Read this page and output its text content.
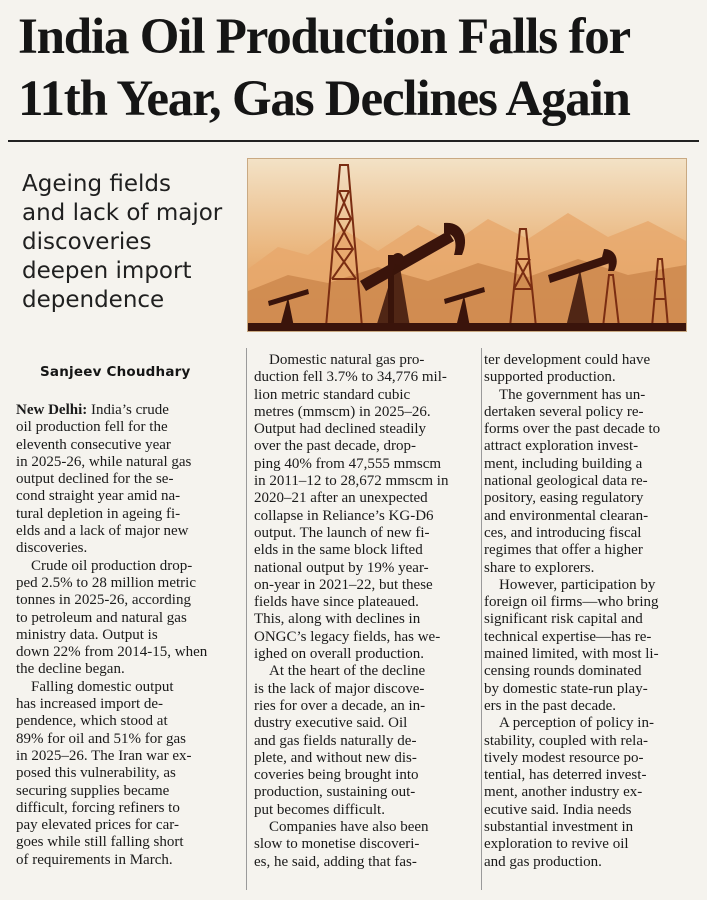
India Oil Production Falls for
11th Year, Gas Declines Again
Ageing fields
and lack of major
discoveries
deepen import
dependence
Sanjeev Choudhary
New Delhi: India’s crude
oil production fell for the
eleventh consecutive year
in 2025-26, while natural gas
output declined for the se-
cond straight year amid na-
tural depletion in ageing fi-
elds and a lack of major new
discoveries.
Crude oil production drop-
ped 2.5% to 28 million metric
tonnes in 2025-26, according
to petroleum and natural gas
ministry data. Output is
down 22% from 2014-15, when
the decline began.
Falling domestic output
has increased import de-
pendence, which stood at
89% for oil and 51% for gas
in 2025–26. The Iran war ex-
posed this vulnerability, as
securing supplies became
difficult, forcing refiners to
pay elevated prices for car-
goes while still falling short
of requirements in March.
Domestic natural gas pro-
duction fell 3.7% to 34,776 mil-
lion metric standard cubic
metres (mmscm) in 2025–26.
Output had declined steadily
over the past decade, drop-
ping 40% from 47,555 mmscm
in 2011–12 to 28,672 mmscm in
2020–21 after an unexpected
collapse in Reliance’s KG-D6
output. The launch of new fi-
elds in the same block lifted
national output by 19% year-
on-year in 2021–22, but these
fields have since plateaued.
This, along with declines in
ONGC’s legacy fields, has we-
ighed on overall production.
At the heart of the decline
is the lack of major discove-
ries for over a decade, an in-
dustry executive said. Oil
and gas fields naturally de-
plete, and without new dis-
coveries being brought into
production, sustaining out-
put becomes difficult.
Companies have also been
slow to monetise discoveri-
es, he said, adding that fas-
ter development could have
supported production.
The government has un-
dertaken several policy re-
forms over the past decade to
attract exploration invest-
ment, including building a
national geological data re-
pository, easing regulatory
and environmental clearan-
ces, and introducing fiscal
regimes that offer a higher
share to explorers.
However, participation by
foreign oil firms—who bring
significant risk capital and
technical expertise—has re-
mained limited, with most li-
censing rounds dominated
by domestic state-run play-
ers in the past decade.
A perception of policy in-
stability, coupled with rela-
tively modest resource po-
tential, has deterred invest-
ment, another industry ex-
ecutive said. India needs
substantial investment in
exploration to revive oil
and gas production.
